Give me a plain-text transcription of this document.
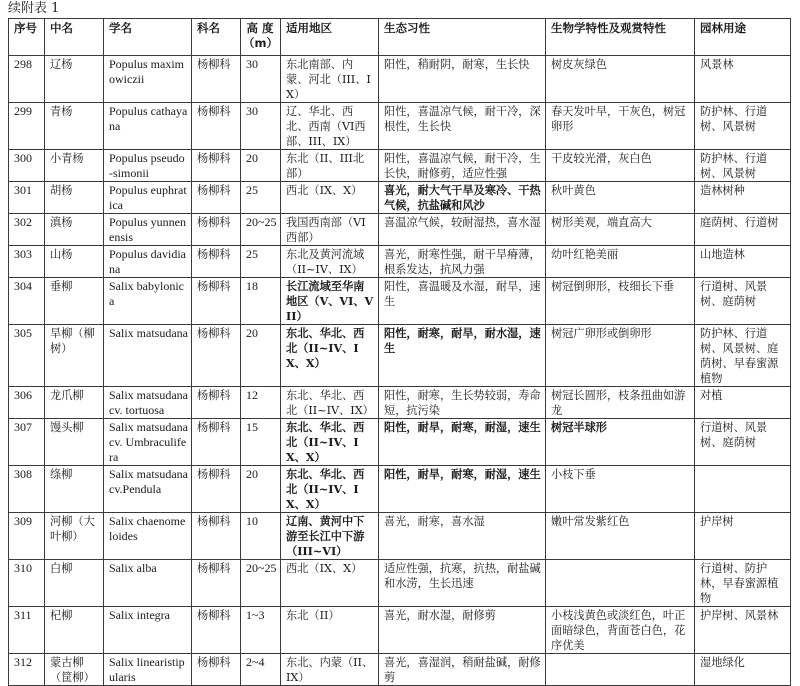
续附表 1
序号	中名	学名	科名	高 度（m）	适用地区	生态习性	生物学特性及观赏特性	园林用途
298	辽杨	Populus maximowiczii	杨柳科	30	东北南部、内蒙、河北（III、IX）	阳性，稍耐阴，耐寒，生长快	树皮灰绿色	风景林
299	青杨	Populus cathayana	杨柳科	30	辽、华北、西北、西南（VI西部、III、IX）	阳性，喜温凉气候，耐干冷，深根性，生长快	春天发叶早，干灰色，树冠卵形	防护林、行道树、风景树
300	小青杨	Populus pseudo-simonii	杨柳科	20	东北（II、III北部）	阳性，喜温凉气候，耐干冷，生长快，耐修剪，适应性强	干皮较光滑，灰白色	防护林、行道树、风景树
301	胡杨	Populus euphratica	杨柳科	25	西北（IX、X）	喜光，耐大气干旱及寒冷、干热气候，抗盐碱和风沙	秋叶黄色	造林树种
302	滇杨	Populus yunnenensis	杨柳科	20~25	我国西南部（VI西部）	喜温凉气候，较耐湿热，喜水湿	树形美观，端直高大	庭荫树、行道树
303	山杨	Populus davidiana	杨柳科	25	东北及黄河流域（II~IV、IX）	喜光，耐寒性强，耐干旱瘠薄，根系发达，抗风力强	幼叶红艳美丽	山地造林
304	垂柳	Salix babylonica	杨柳科	18	长江流域至华南地区（V、VI、VII）	阳性，喜温暖及水湿，耐旱，速生	树冠倒卵形，枝细长下垂	行道树、风景树、庭荫树
305	旱柳（柳树）	Salix matsudana	杨柳科	20	东北、华北、西北（II~IV、IX、X）	阳性，耐寒，耐旱，耐水湿，速生	树冠广卵形或倒卵形	防护林、行道树、风景树、庭荫树、早春蜜源植物
306	龙爪柳	Salix matsudana cv. tortuosa	杨柳科	12	东北、华北、西北（II~IV、IX）	阳性，耐寒，生长势较弱，寿命短，抗污染	树冠长圆形，枝条扭曲如游龙	对植
307	馒头柳	Salix matsudana cv. Umbraculifera	杨柳科	15	东北、华北、西北（II~IV、IX、X）	阳性，耐旱，耐寒，耐湿，速生	树冠半球形	行道树、风景树、庭荫树
308	绦柳	Salix matsudana cv.Pendula	杨柳科	20	东北、华北、西北（II~IV、IX、X）	阳性，耐旱，耐寒，耐湿，速生	小枝下垂	
309	河柳（大叶柳）	Salix chaenomeloides	杨柳科	10	辽南、黄河中下游至长江中下游（III~VI）	喜光，耐寒，喜水湿	嫩叶常发紫红色	护岸树
310	白柳	Salix alba	杨柳科	20~25	西北（IX、X）	适应性强，抗寒，抗热，耐盐碱和水涝，生长迅速		行道树、防护林，早春蜜源植物
311	杞柳	Salix integra	杨柳科	1~3	东北（II）	喜光，耐水湿，耐修剪	小枝浅黄色或淡红色，叶正面暗绿色，背面苍白色，花序优美	护岸树、风景林
312	蒙古柳（筐柳）	Salix linearistipularis	杨柳科	2~4	东北、内蒙（II、IX）	喜光，喜湿润，稍耐盐碱，耐修剪		湿地绿化
